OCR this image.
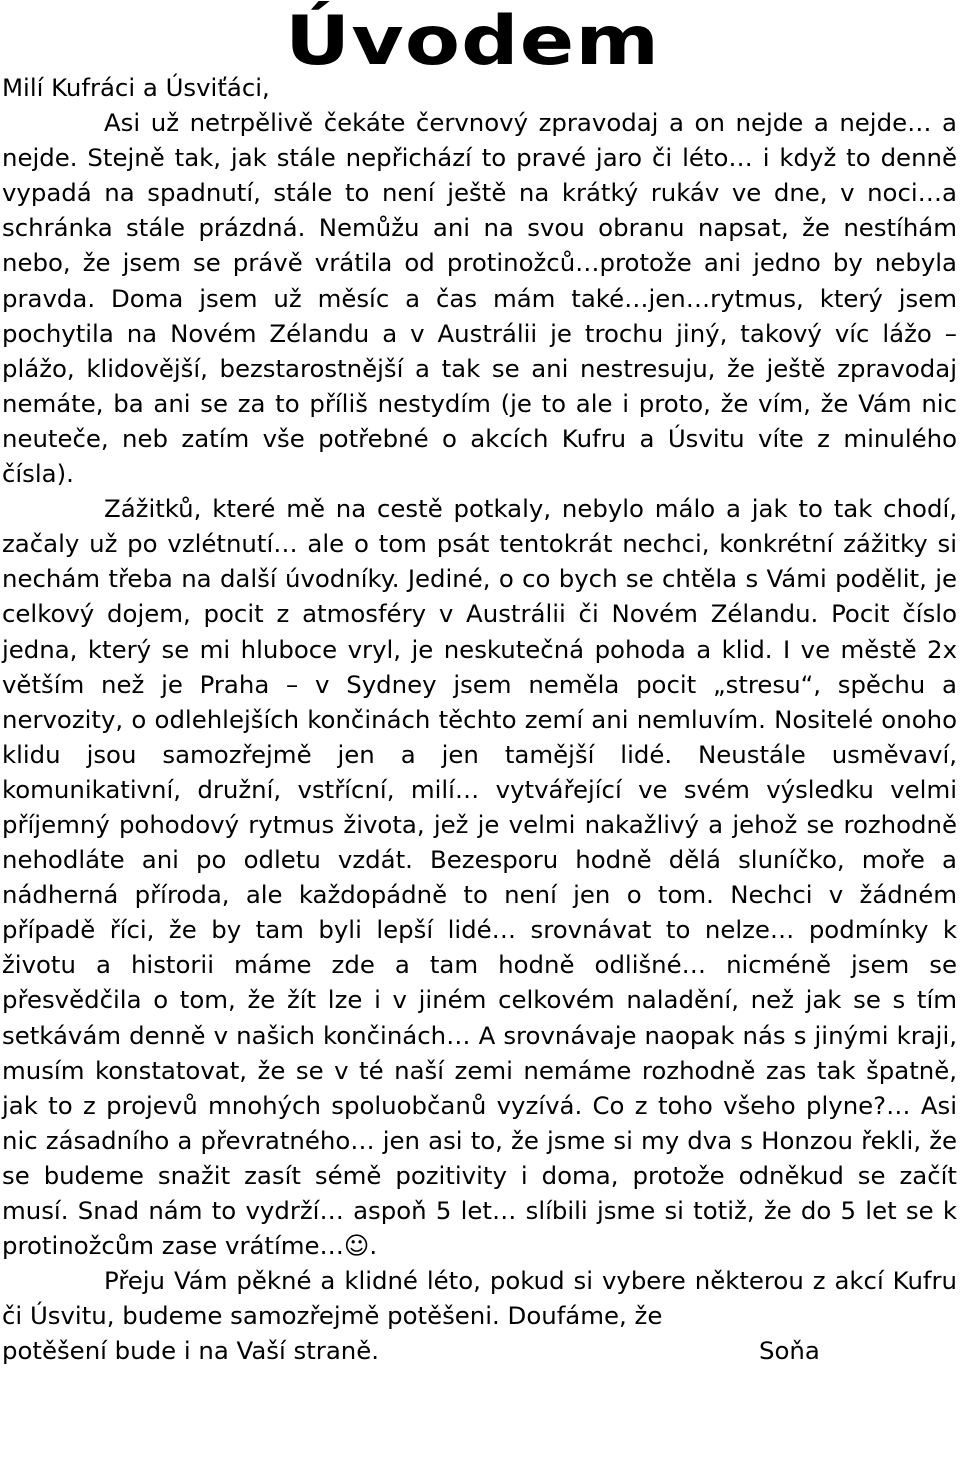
Úvodem

Milí Kufráci a Úsviťáci,

Asi už netrpělivě čekáte červnový zpravodaj a on nejde a nejde… a nejde. Stejně tak, jak stále nepřichází to pravé jaro či léto… i když to denně vypadá na spadnutí, stále to není ještě na krátký rukáv ve dne, v noci…a schránka stále prázdná. Nemůžu ani na svou obranu napsat, že nestíhám nebo, že jsem se právě vrátila od protinožců…protože ani jedno by nebyla pravda. Doma jsem už měsíc a čas mám také…jen…rytmus, který jsem pochytila na Novém Zélandu a v Austrálii je trochu jiný, takový víc lážo – plážo, klidovější, bezstarostnější a tak se ani nestresuju, že ještě zpravodaj nemáte, ba ani se za to příliš nestydím (je to ale i proto, že vím, že Vám nic neuteče, neb zatím vše potřebné o akcích Kufru a Úsvitu víte z minulého čísla).

Zážitků, které mě na cestě potkaly, nebylo málo a jak to tak chodí, začaly už po vzlétnutí… ale o tom psát tentokrát nechci, konkrétní zážitky si nechám třeba na další úvodníky. Jediné, o co bych se chtěla s Vámi podělit, je celkový dojem, pocit z atmosféry v Austrálii či Novém Zélandu. Pocit číslo jedna, který se mi hluboce vryl, je neskutečná pohoda a klid. I ve městě 2x větším než je Praha – v Sydney jsem neměla pocit „stresu“, spěchu a nervozity, o odlehlejších končinách těchto zemí ani nemluvím. Nositelé onoho klidu jsou samozřejmě jen a jen tamější lidé. Neustále usměvaví, komunikativní, družní, vstřícní, milí… vytvářející ve svém výsledku velmi příjemný pohodový rytmus života, jež je velmi nakažlivý a jehož se rozhodně nehodláte ani po odletu vzdát. Bezesporu hodně dělá sluníčko, moře a nádherná příroda, ale každopádně to není jen o tom. Nechci v žádném případě říci, že by tam byli lepší lidé… srovnávat to nelze… podmínky k životu a historii máme zde a tam hodně odlišné… nicméně jsem se přesvědčila o tom, že žít lze i v jiném celkovém naladění, než jak se s tím setkávám denně v našich končinách… A srovnávaje naopak nás s jinými kraji, musím konstatovat, že se v té naší zemi nemáme rozhodně zas tak špatně, jak to z projevů mnohých spoluobčanů vyzívá. Co z toho všeho plyne?… Asi nic zásadního a převratného… jen asi to, že jsme si my dva s Honzou řekli, že se budeme snažit zasít sémě pozitivity i doma, protože odněkud se začít musí. Snad nám to vydrží… aspoň 5 let… slíbili jsme si totiž, že do 5 let se k protinožcům zase vrátíme…☺.

Přeju Vám pěkné a klidné léto, pokud si vybere některou z akcí Kufru či Úsvitu, budeme samozřejmě potěšeni. Doufáme, že

potěšení bude i na Vaší straně.	Soňa
